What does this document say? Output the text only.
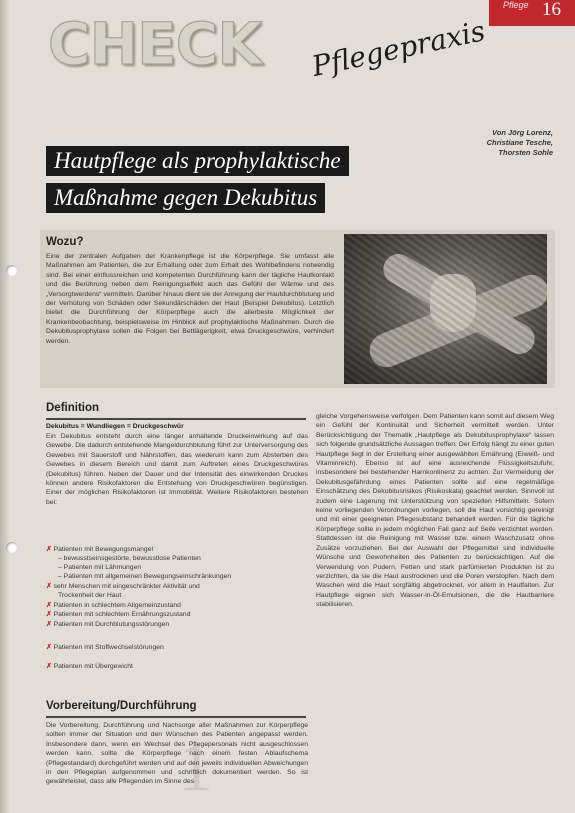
Pflege 16
CHECK Pflegepraxis
Von Jörg Lorenz,
Christiane Tesche,
Thorsten Sohle
Hautpflege als prophylaktische
Maßnahme gegen Dekubitus
Wozu?
Eine der zentralen Aufgaben der Krankenpflege ist die Körperpflege. Sie umfasst alle Maßnahmen am Patienten, die zur Erhaltung oder zum Erhalt des Wohlbefindens notwendig sind. Bei einer einflussreichen und kompetenten Durchführung kann der tägliche Hautkontakt und die Berührung neben dem Reinigungseffekt auch das Gefühl der Wärme und des „Versorgtwerdens“ vermitteln. Darüber hinaus dient sie der Anregung der Hautdurchblutung und der Verhütung von Schäden oder Sekundärschäden der Haut (Beispiel Dekubitus). Letztlich bietet die Durchführung der Körperpflege auch die allerbeste Möglichkeit der Krankenbeobachtung, beispielsweise im Hinblick auf prophylaktische Maßnahmen. Durch die Dekubitusprophylaxe sollen die Folgen bei Bettlägerigkeit, etwa Druckgeschwüre, verhindert werden.
Definition
Dekubitus = Wundliegen = Druckgeschwür
Ein Dekubitus entsteht durch eine länger anhaltende Druckeinwirkung auf das Gewebe. Die dadurch entstehende Mangeldurchblutung führt zur Unterversorgung des Gewebes mit Sauerstoff und Nährstoffen, das wiederum kann zum Absterben des Gewebes in diesem Bereich und damit zum Auftreten eines Druckgeschwüres (Dekubitus) führen. Neben der Dauer und der Intensität des einwirkenden Druckes können andere Risikofaktoren die Entstehung von Druckgeschwüren begünstigen. Einer der möglichen Risikofaktoren ist Immobilität. Weitere Risikofaktoren bestehen bei:
✗ Patienten mit Bewegungsmangel
– bewusstseinsgestörte, bewusstlose Patienten
– Patienten mit Lähmungen
– Patienten mit allgemeinen Bewegungseinschränkungen
✗ sehr Menschen mit eingeschränkter Aktivität und
Trockenheit der Haut
✗ Patienten in schlechtem Allgemeinzustand
✗ Patienten mit schlechtem Ernährungszustand
✗ Patienten mit Durchblutungsstörungen
✗ Patienten mit Stoffwechselstörungen
✗ Patienten mit Übergewicht
1
Vorbereitung/Durchführung
Die Vorbereitung, Durchführung und Nachsorge aller Maßnahmen zur Körperpflege sollten immer der Situation und den Wünschen des Patienten angepasst werden. Insbesondere dann, wenn ein Wechsel des Pflegepersonals nicht ausgeschlossen werden kann, sollte die Körperpflege nach einem festen Ablaufschema (Pflegestandard) durchgeführt werden und auf den jeweils individuellen Abweichungen in den Pflegeplan aufgenommen und schriftlich dokumentiert werden. So ist gewährleistet, dass alle Pflegenden im Sinne des
gleiche Vorgehensweise verfolgen. Dem Patienten kann somit auf diesem Weg ein Gefühl der Kontinuität und Sicherheit vermittelt werden. Unter Berücksichtigung der Thematik „Hautpflege als Dekubitusprophylaxe“ lassen sich folgende grundsätzliche Aussagen treffen: Der Erfolg hängt zu einer guten Hautpflege liegt in der Erstellung einer ausgewählten Ernährung (Eiweiß- und Vitaminreich). Ebenso ist auf eine ausreichende Flüssigkeitszufuhr, insbesondere bei bestehender Harnkontinenz zu achten. Zur Vermeidung der Dekubitusgefährdung eines Patienten sollte auf eine regelmäßige Einschätzung des Dekubitusrisikos (Risikoskala) geachtet werden. Sinnvoll ist zudem eine Lagerung mit Unterstützung von speziellen Hilfsmitteln. Sofern keine vorliegenden Verordnungen vorliegen, soll die Haut vorsichtig gereinigt und mit einer geeigneten Pflegesubstanz behandelt werden. Für die tägliche Körperpflege sollte in jedem möglichen Fall ganz auf Seife verzichtet werden. Stattdessen ist die Reinigung mit Wasser bzw. einem Waschzusatz ohne Zusätze vorzuziehen. Bei der Auswahl der Pflegemittel sind individuelle Wünsche und Gewohnheiten des Patienten zu berücksichtigen. Auf die Verwendung von Pudern, Fetten und stark parfümierten Produkten ist zu verzichten, da sie die Haut austrocknen und die Poren verstopfen. Nach dem Waschen wird die Haut sorgfältig abgetrocknet, vor allem in Hautfalten. Zur Hautpflege eignen sich Wasser-in-Öl-Emulsionen, die die Hautbarriere stabilisieren.
